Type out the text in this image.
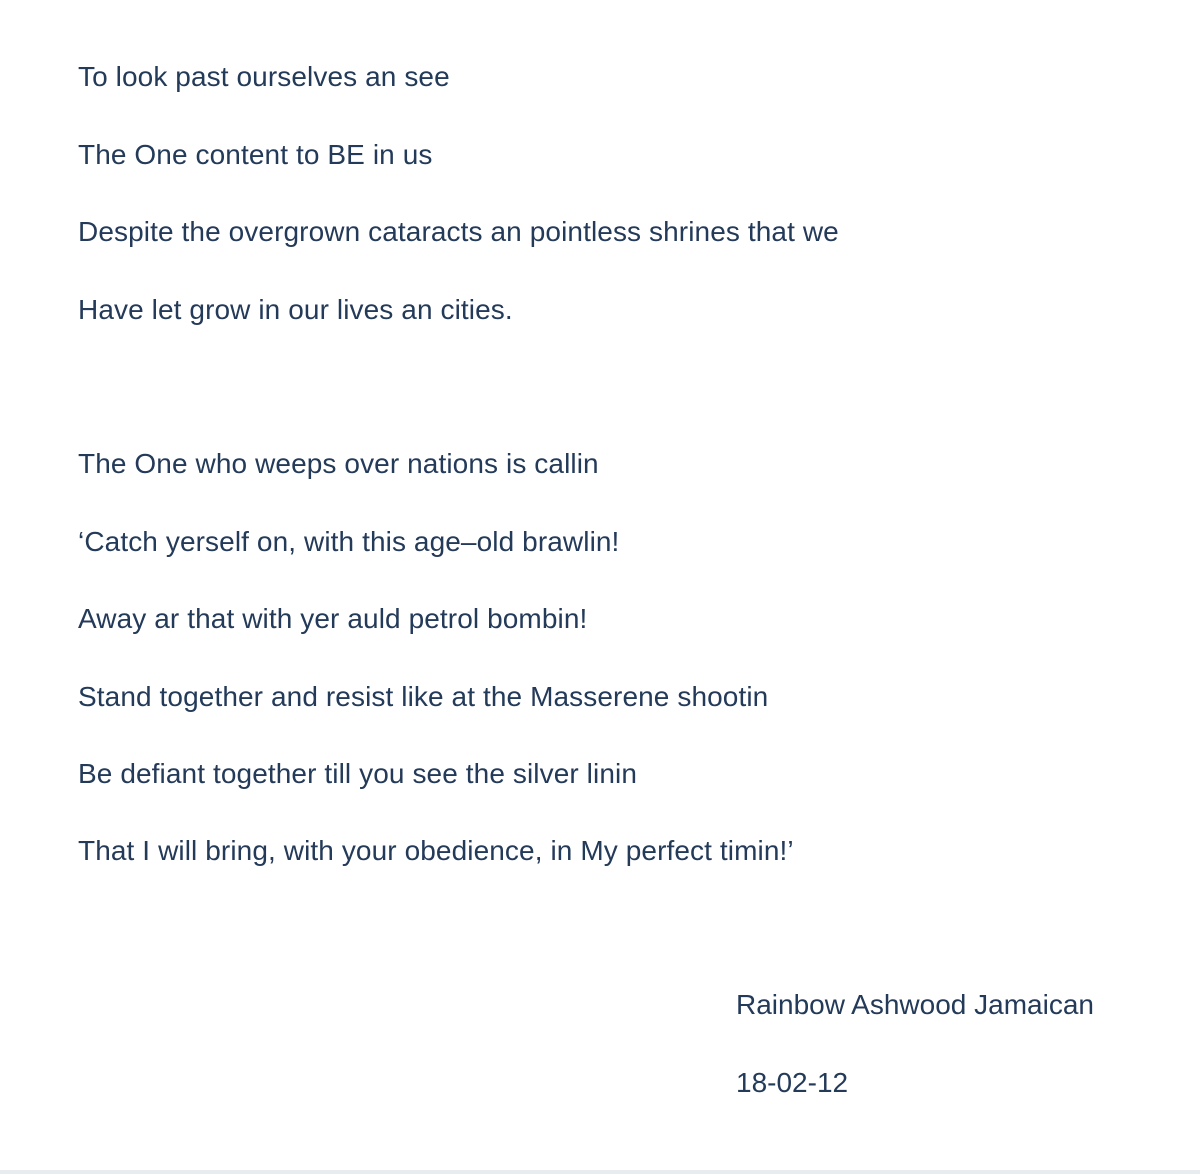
To look past ourselves an see
The One content to BE in us
Despite the overgrown cataracts an pointless shrines that we
Have let grow in our lives an cities.
The One who weeps over nations is callin
‘Catch yerself on, with this age–old brawlin!
Away ar that with yer auld petrol bombin!
Stand together and resist like at the Masserene shootin
Be defiant together till you see the silver linin
That I will bring, with your obedience, in My perfect timin!’
Rainbow Ashwood Jamaican
18-02-12
